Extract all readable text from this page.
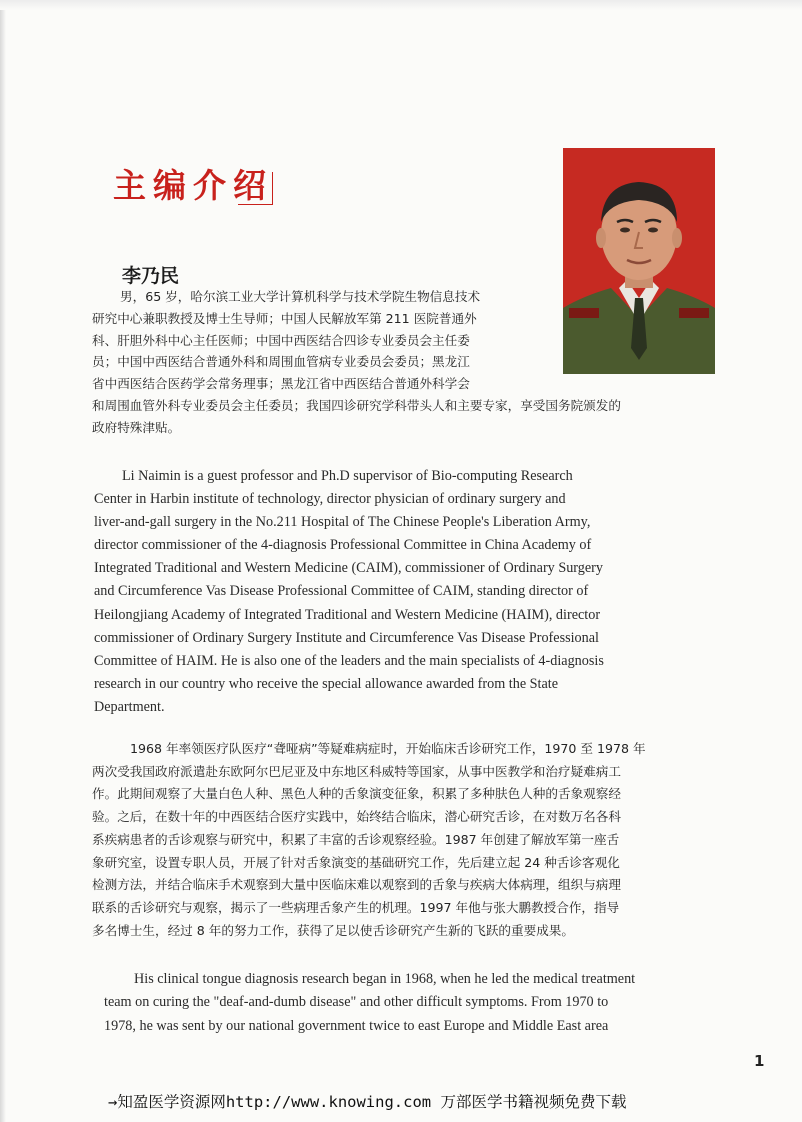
主编介绍
李乃民

男，65 岁，哈尔滨工业大学计算机科学与技术学院生物信息技术
研究中心兼职教授及博士生导师；中国人民解放军第 211 医院普通外
科、肝胆外科中心主任医师；中国中西医结合四诊专业委员会主任委
员；中国中西医结合普通外科和周围血管病专业委员会委员；黑龙江
省中西医结合医药学会常务理事；黑龙江省中西医结合普通外科学会
和周围血管外科专业委员会主任委员；我国四诊研究学科带头人和主要专家，享受国务院颁发的
政府特殊津贴。

Li Naimin is a guest professor and Ph.D supervisor of Bio-computing Research
Center in Harbin institute of technology, director physician of ordinary surgery and
liver-and-gall surgery in the No.211 Hospital of The Chinese People's Liberation Army,
director commissioner of the 4-diagnosis Professional Committee in China Academy of
Integrated Traditional and Western Medicine (CAIM), commissioner of Ordinary Surgery
and Circumference Vas Disease Professional Committee of CAIM, standing director of
Heilongjiang Academy of Integrated Traditional and Western Medicine (HAIM), director
commissioner of Ordinary Surgery Institute and Circumference Vas Disease Professional
Committee of HAIM. He is also one of the leaders and the main specialists of 4-diagnosis
research in our country who receive the special allowance awarded from the State
Department.

1968 年率领医疗队医疗“聋哑病”等疑难病症时，开始临床舌诊研究工作，1970 至 1978 年
两次受我国政府派遣赴东欧阿尔巴尼亚及中东地区科威特等国家，从事中医教学和治疗疑难病工
作。此期间观察了大量白色人种、黑色人种的舌象演变征象，积累了多种肤色人种的舌象观察经
验。之后，在数十年的中西医结合医疗实践中，始终结合临床，潜心研究舌诊，在对数万名各科
系疾病患者的舌诊观察与研究中，积累了丰富的舌诊观察经验。1987 年创建了解放军第一座舌
象研究室，设置专职人员，开展了针对舌象演变的基础研究工作，先后建立起 24 种舌诊客观化
检测方法，并结合临床手术观察到大量中医临床难以观察到的舌象与疾病大体病理，组织与病理
联系的舌诊研究与观察，揭示了一些病理舌象产生的机理。1997 年他与张大鹏教授合作，指导
多名博士生，经过 8 年的努力工作，获得了足以使舌诊研究产生新的飞跃的重要成果。

His clinical tongue diagnosis research began in 1968, when he led the medical treatment
team on curing the "deaf-and-dumb disease" and other difficult symptoms. From 1970 to
1978, he was sent by our national government twice to east Europe and Middle East area

1
→知盈医学资源网http://www.knowing.com 万部医学书籍视频免费下载
